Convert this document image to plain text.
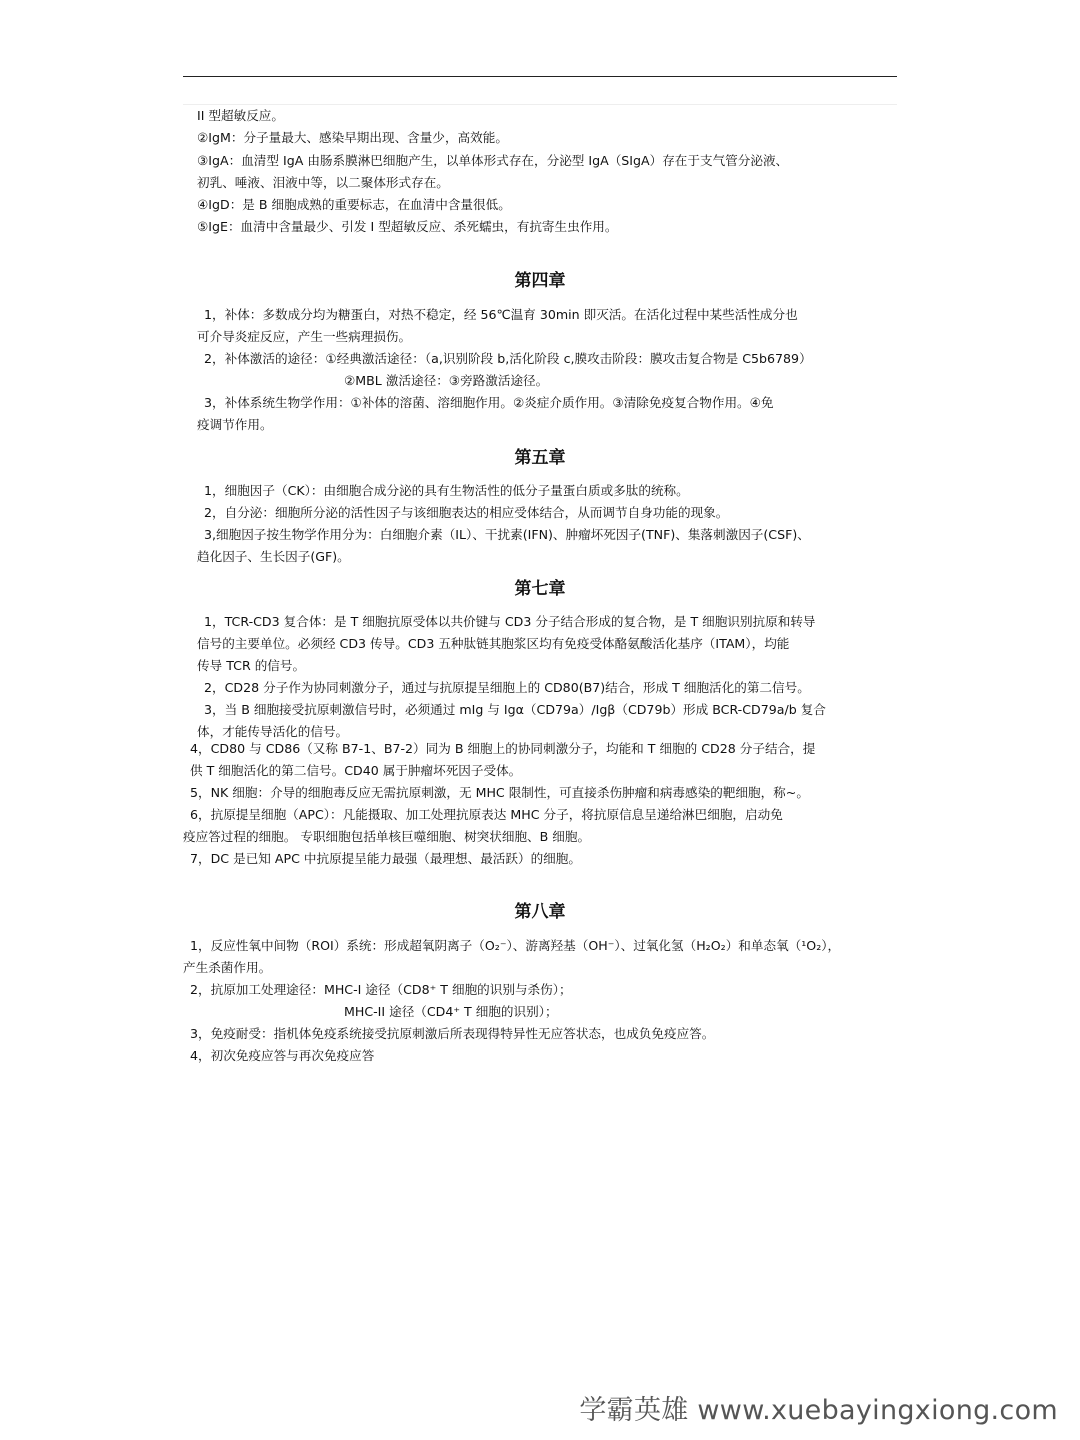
II 型超敏反应。
②IgM：分子量最大、感染早期出现、含量少，高效能。
③IgA：血清型 IgA 由肠系膜淋巴细胞产生，以单体形式存在，分泌型 IgA（SIgA）存在于支气管分泌液、
初乳、唾液、泪液中等，以二聚体形式存在。
④IgD：是 B 细胞成熟的重要标志，在血清中含量很低。
⑤IgE：血清中含量最少、引发 I 型超敏反应、杀死蠕虫，有抗寄生虫作用。
第四章
1，补体：多数成分均为糖蛋白，对热不稳定，经 56℃温育 30min 即灭活。在活化过程中某些活性成分也
可介导炎症反应，产生一些病理损伤。
2，补体激活的途径：①经典激活途径：（a,识别阶段 b,活化阶段 c,膜攻击阶段：膜攻击复合物是 C5b6789）
②MBL 激活途径：③旁路激活途径。
3，补体系统生物学作用：①补体的溶菌、溶细胞作用。②炎症介质作用。③清除免疫复合物作用。④免
疫调节作用。
第五章
1，细胞因子（CK）：由细胞合成分泌的具有生物活性的低分子量蛋白质或多肽的统称。
2，自分泌：细胞所分泌的活性因子与该细胞表达的相应受体结合，从而调节自身功能的现象。
3,细胞因子按生物学作用分为：白细胞介素（IL）、干扰素(IFN)、肿瘤坏死因子(TNF)、集落刺激因子(CSF)、
趋化因子、生长因子(GF)。
第七章
1，TCR-CD3 复合体：是 T 细胞抗原受体以共价键与 CD3 分子结合形成的复合物，是 T 细胞识别抗原和转导
信号的主要单位。必须经 CD3 传导。CD3 五种肽链其胞浆区均有免疫受体酪氨酸活化基序（ITAM），均能
传导 TCR 的信号。
2，CD28 分子作为协同刺激分子，通过与抗原提呈细胞上的 CD80(B7)结合，形成 T 细胞活化的第二信号。
3，当 B 细胞接受抗原刺激信号时，必须通过 mIg 与 Igα（CD79a）/Igβ（CD79b）形成 BCR-CD79a/b 复合
体，才能传导活化的信号。
4，CD80 与 CD86（又称 B7-1、B7-2）同为 B 细胞上的协同刺激分子，均能和 T 细胞的 CD28 分子结合，提
供 T 细胞活化的第二信号。CD40 属于肿瘤坏死因子受体。
5，NK 细胞：介导的细胞毒反应无需抗原刺激，无 MHC 限制性，可直接杀伤肿瘤和病毒感染的靶细胞，称~。
6，抗原提呈细胞（APC）：凡能摄取、加工处理抗原表达 MHC 分子，将抗原信息呈递给淋巴细胞，启动免
疫应答过程的细胞。 专职细胞包括单核巨噬细胞、树突状细胞、B 细胞。
7，DC 是已知 APC 中抗原提呈能力最强（最理想、最活跃）的细胞。
第八章
1，反应性氧中间物（ROI）系统：形成超氧阴离子（O₂⁻）、游离羟基（OH⁻）、过氧化氢（H₂O₂）和单态氧（¹O₂），
产生杀菌作用。
2，抗原加工处理途径：MHC-I 途径（CD8⁺ T 细胞的识别与杀伤）；
MHC-II 途径（CD4⁺ T 细胞的识别）；
3，免疫耐受：指机体免疫系统接受抗原刺激后所表现得特异性无应答状态，也成负免疫应答。
4，初次免疫应答与再次免疫应答
学霸英雄 www.xuebayingxiong.com
